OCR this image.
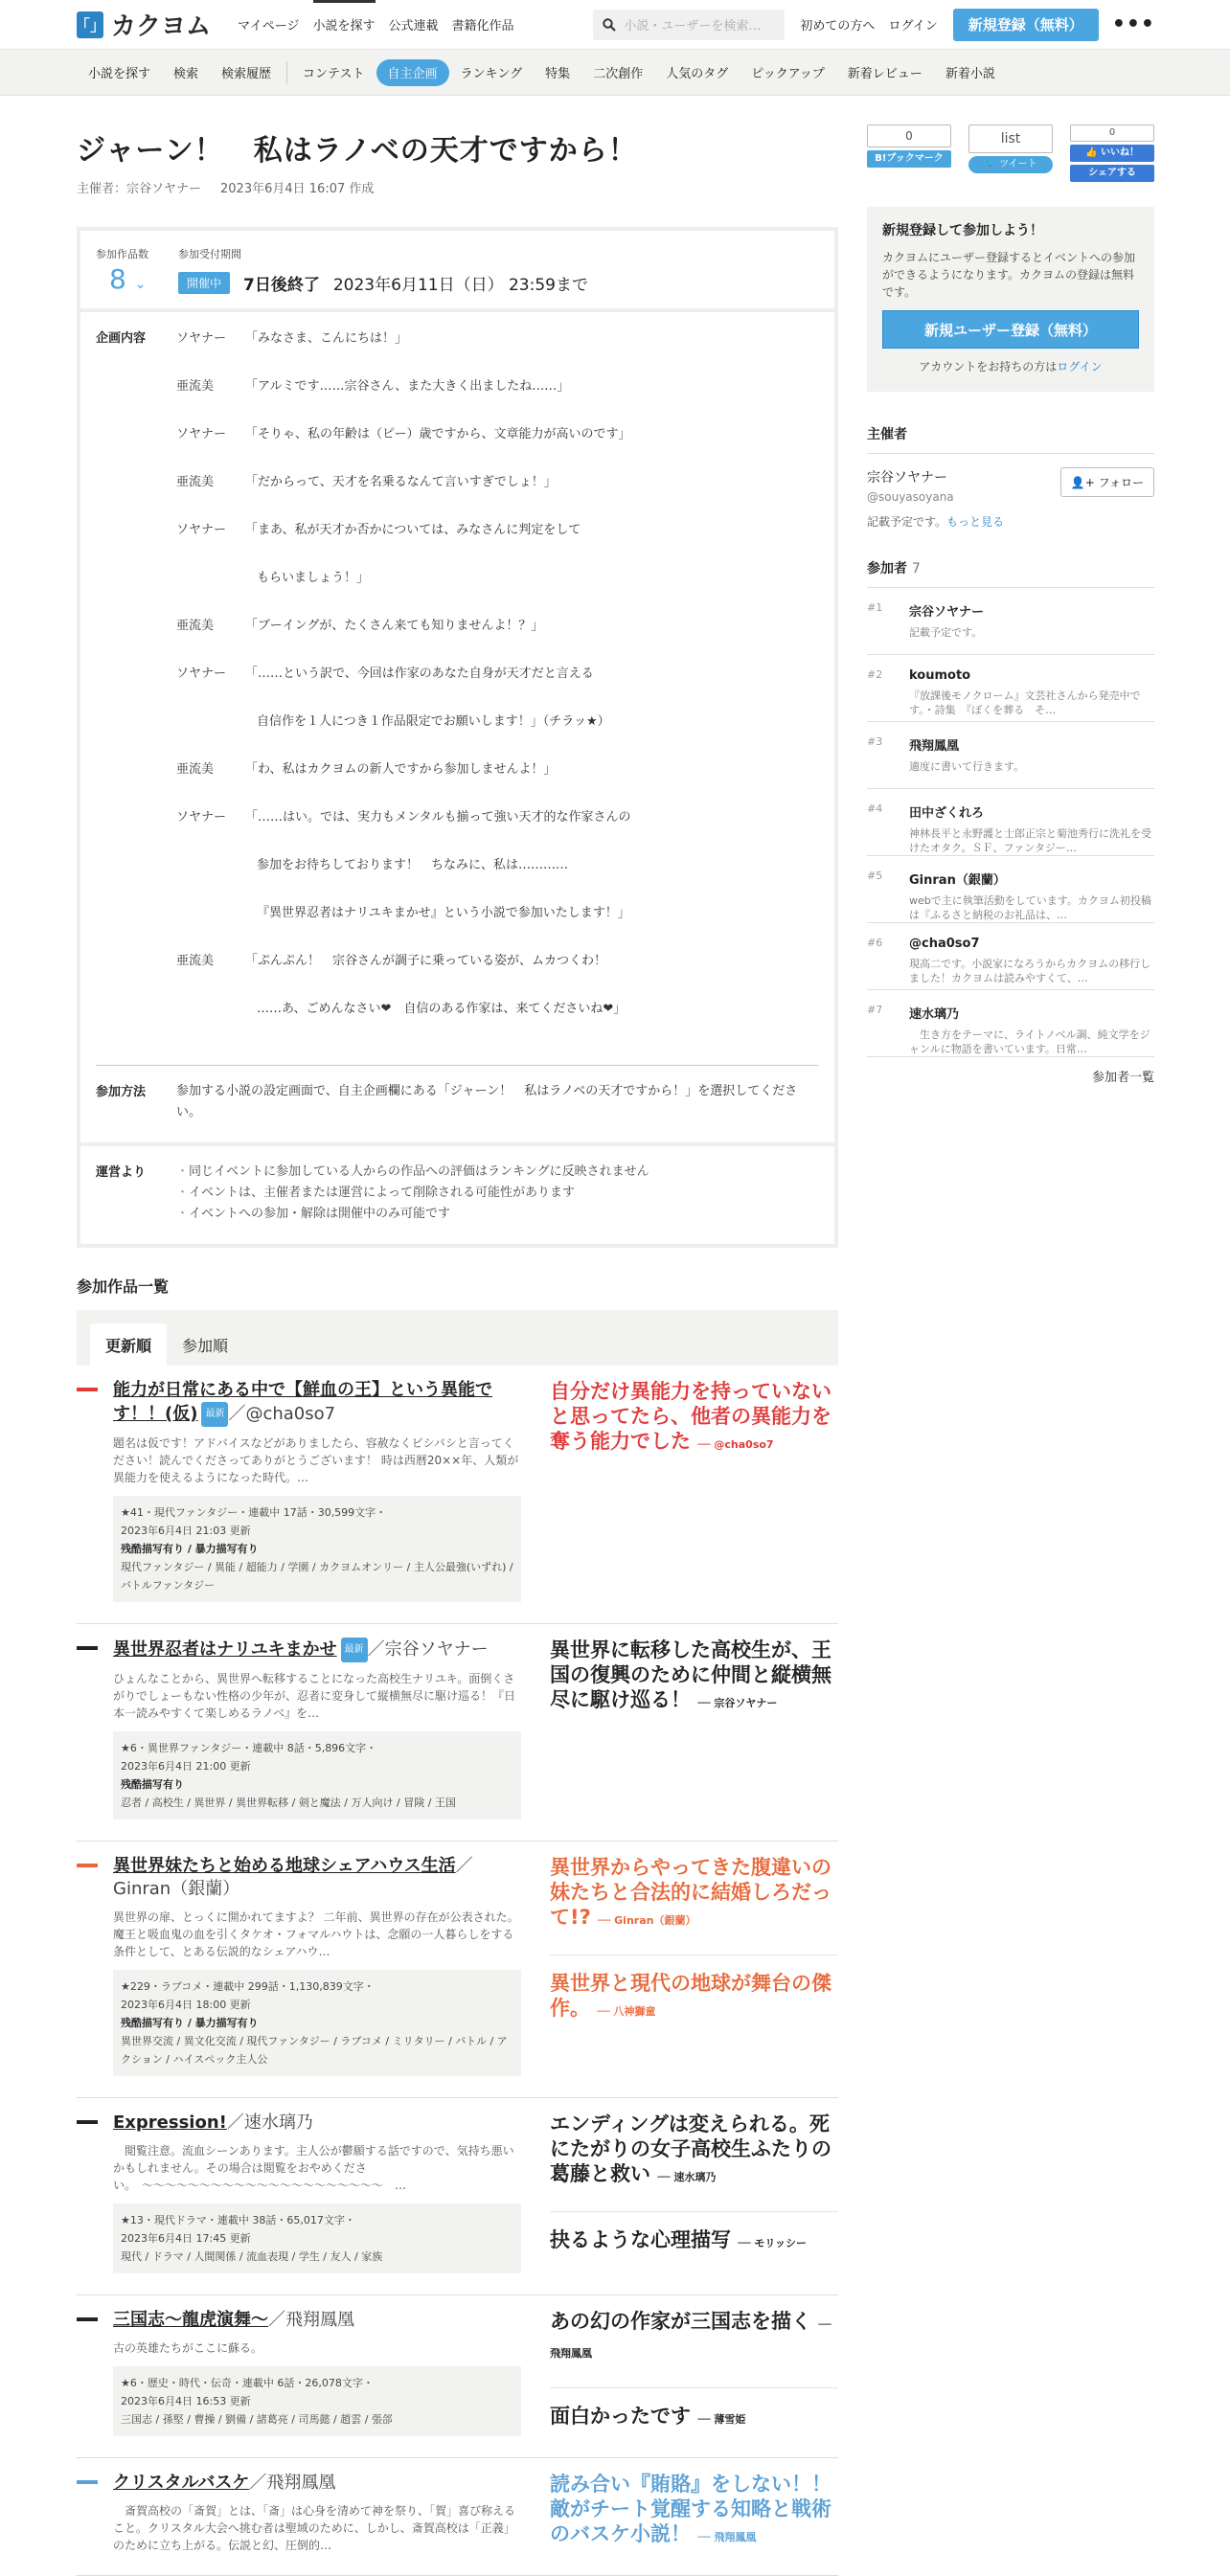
「」 カクヨム マイページ 小説を探す 公式連載 書籍化作品	小説・ユーザーを検索…	初めての方へ ログイン	新規登録（無料）	•••
小説を探す	検索	検索履歴	コンテスト	自主企画	ランキング	特集	二次創作	人気のタグ	ピックアップ	新着レビュー	新着小説
ジャーン！　私はラノベの天才ですから！
主催者：宗谷ソヤナー 2023年6月4日 16:07 作成
参加作品数
8 ⌄
参加受付期間
開催中	7日後終了 2023年6月11日（日） 23:59まで
企画内容	ソヤナー	「みなさま、こんにちは！」
亜流美	「アルミです……宗谷さん、また大きく出ましたね……」
ソヤナー	「そりゃ、私の年齢は（ピー）歳ですから、文章能力が高いのです」
亜流美	「だからって、天才を名乗るなんて言いすぎでしょ！」
ソヤナー	「まあ、私が天才か否かについては、みなさんに判定をして
もらいましょう！」
亜流美	「ブーイングが、たくさん来ても知りませんよ！？」
ソヤナー	「……という訳で、今回は作家のあなた自身が天才だと言える
自信作を１人につき１作品限定でお願いします！」（チラッ★）
亜流美	「わ、私はカクヨムの新人ですから参加しませんよ！」
ソヤナー	「……はい。では、実力もメンタルも揃って強い天才的な作家さんの
参加をお待ちしております！　ちなみに、私は…………
『異世界忍者はナリユキまかせ』という小説で参加いたします！」
亜流美	「ぷんぷん！　宗谷さんが調子に乗っている姿が、ムカつくわ！
……あ、ごめんなさい❤　自信のある作家は、来てくださいね❤」
参加方法	参加する小説の設定画面で、自主企画欄にある「ジャーン！　私はラノベの天才ですから！」を選択してください。
運営より
・	同じイベントに参加している人からの作品への評価はランキングに反映されません
・ イベントは、主催者または運営によって削除される可能性があります
・ イベントへの参加・解除は開催中のみ可能です
参加作品一覧
更新順	参加順
能力が日常にある中で【鮮血の王】という異能です！！(仮) 最新 ／@cha0so7
題名は仮です！アドバイスなどがありましたら、容赦なくビシバシと言ってください！読んでくださってありがとうございます！ 時は西暦20××年、人類が異能力を使えるようになった時代。…
★41・現代ファンタジー・連載中 17話・30,599文字・
2023年6月4日 21:03 更新
残酷描写有り / 暴力描写有り
現代ファンタジー / 異能 / 超能力 / 学園 / カクヨムオンリー / 主人公最強(いずれ) / バトルファンタジー
自分だけ異能力を持っていないと思ってたら、他者の異能力を奪う能力でした ── @cha0so7
異世界忍者はナリユキまかせ 最新 ／宗谷ソヤナー
ひょんなことから、異世界へ転移することになった高校生ナリユキ。面倒くさがりでしょーもない性格の少年が、忍者に変身して縦横無尽に駆け巡る！『日本一読みやすくて楽しめるラノベ』を…
★6・異世界ファンタジー・連載中 8話・5,896文字・
2023年6月4日 21:00 更新
残酷描写有り
忍者 / 高校生 / 異世界 / 異世界転移 / 剣と魔法 / 万人向け / 冒険 / 王国
異世界に転移した高校生が、王国の復興のために仲間と縦横無尽に駆け巡る！ ── 宗谷ソヤナー
異世界妹たちと始める地球シェアハウス生活／Ginran（銀蘭）
異世界の扉、とっくに開かれてますよ？ 二年前、異世界の存在が公表された。魔王と吸血鬼の血を引くタケオ・フォマルハウトは、念願の一人暮らしをする条件として、とある伝説的なシェアハウ…
★229・ラブコメ・連載中 299話・1,130,839文字・
2023年6月4日 18:00 更新
残酷描写有り / 暴力描写有り
異世界交流 / 異文化交流 / 現代ファンタジー / ラブコメ / ミリタリー / バトル / アクション / ハイスペック主人公
異世界からやってきた腹違いの妹たちと合法的に結婚しろだって!? ── Ginran（銀蘭）
異世界と現代の地球が舞台の傑作。 ── 八神獅童
Expression!／速水璃乃
　閲覧注意。流血シーンあります。主人公が鬱願する話ですので、気持ち悪いかもしれません。その場合は閲覧をおやめください。　〜〜〜〜〜〜〜〜〜〜〜〜〜〜〜〜〜〜〜〜〜　…
★13・現代ドラマ・連載中 38話・65,017文字・
2023年6月4日 17:45 更新
現代 / ドラマ / 人間関係 / 流血表現 / 学生 / 友人 / 家族
エンディングは変えられる。死にたがりの女子高校生ふたりの葛藤と救い ── 速水璃乃
抉るような心理描写 ── モリッシー
三国志～龍虎演舞～／飛翔鳳凰
古の英雄たちがここに蘇る。
★6・歴史・時代・伝奇・連載中 6話・26,078文字・
2023年6月4日 16:53 更新
三国志 / 孫堅 / 曹操 / 劉備 / 諸葛亮 / 司馬懿 / 趙雲 / 張郃
あの幻の作家が三国志を描く ── 飛翔鳳凰
面白かったです ── 薄雪姫
クリスタルバスケ／飛翔鳳凰
　斎賀高校の「斎賀」とは、「斎」は心身を清めて神を祭り、「賀」喜び称えること。クリスタル大会へ挑む者は聖域のために、しかし、斎賀高校は「正義」のために立ち上がる。伝説と幻、圧倒的…
読み合い『賄賂』をしない！！敵がチート覚醒する知略と戦術のバスケ小説！ ── 飛翔鳳凰
0
B!ブックマーク
list
🐦 ツイート
0
👍 いいね！
シェアする
新規登録して参加しよう！

カクヨムにユーザー登録するとイベントへの参加ができるようになります。カクヨムの登録は無料です。

新規ユーザー登録（無料）
アカウントをお持ちの方はログイン
主催者
宗谷ソヤナー
@souyasoyana
記載予定です。もっと見る
👤+ フォロー
参加者 7
#1	宗谷ソヤナー
記載予定です。
#2	koumoto
『放課後モノクローム』文芸社さんから発売中です。・詩集　『ぼくを葬る　そ…
#3	飛翔鳳凰
適度に書いて行きます。
#4	田中ざくれろ
神林長平と永野護と士郎正宗と菊池秀行に洗礼を受けたオタク。ＳＦ、ファンタジー…
#5	Ginran（銀蘭）
webで主に執筆活動をしています。カクヨム初投稿は『ふるさと納税のお礼品は、…
#6	@cha0so7
現高二です。小説家になろうからカクヨムの移行しました！カクヨムは読みやすくて、…
#7	速水璃乃
　生き方をテーマに、ライトノベル調、純文学をジャンルに物語を書いています。日常…
参加者一覧
